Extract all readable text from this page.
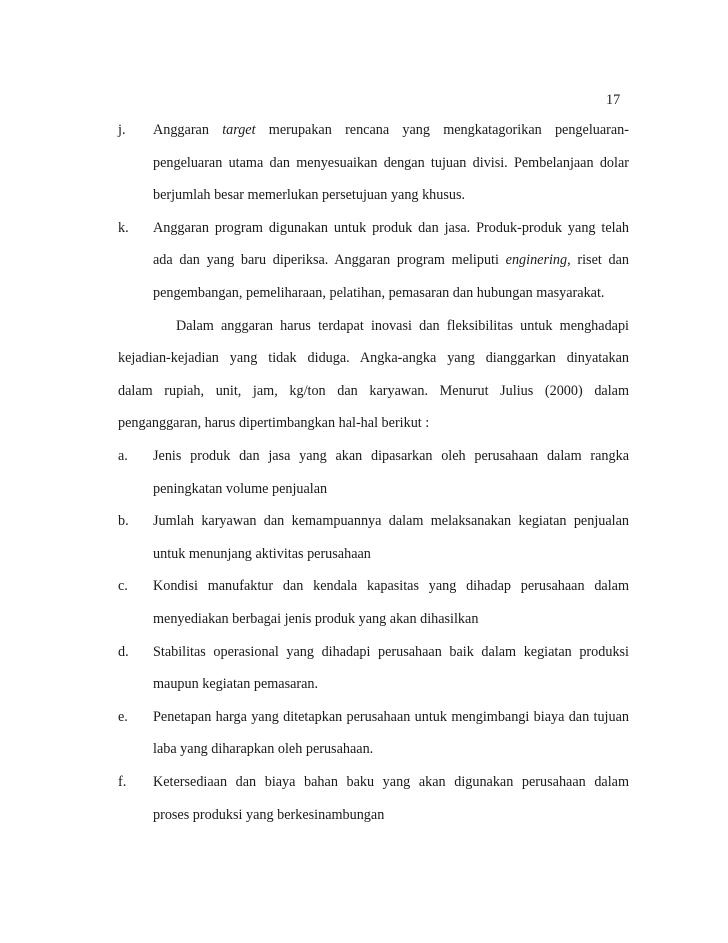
17
j. Anggaran target merupakan rencana yang mengkatagorikan pengeluaran-
pengeluaran utama dan menyesuaikan dengan tujuan divisi. Pembelanjaan dolar
berjumlah besar memerlukan persetujuan yang khusus.
k. Anggaran program digunakan untuk produk dan jasa. Produk-produk yang telah
ada dan yang baru diperiksa. Anggaran program meliputi enginering, riset dan
pengembangan, pemeliharaan, pelatihan, pemasaran dan hubungan masyarakat.
Dalam anggaran harus terdapat inovasi dan fleksibilitas untuk menghadapi
kejadian-kejadian yang tidak diduga. Angka-angka yang dianggarkan dinyatakan
dalam rupiah, unit, jam, kg/ton dan karyawan. Menurut Julius (2000) dalam
penganggaran, harus dipertimbangkan hal-hal berikut :
a. Jenis produk dan jasa yang akan dipasarkan oleh perusahaan dalam rangka
peningkatan volume penjualan
b. Jumlah karyawan dan kemampuannya dalam melaksanakan kegiatan penjualan
untuk menunjang aktivitas perusahaan
c. Kondisi manufaktur dan kendala kapasitas yang dihadap perusahaan dalam
menyediakan berbagai jenis produk yang akan dihasilkan
d. Stabilitas operasional yang dihadapi perusahaan baik dalam kegiatan produksi
maupun kegiatan pemasaran.
e. Penetapan harga yang ditetapkan perusahaan untuk mengimbangi biaya dan tujuan
laba yang diharapkan oleh perusahaan.
f. Ketersediaan dan biaya bahan baku yang akan digunakan perusahaan dalam
proses produksi yang berkesinambungan
